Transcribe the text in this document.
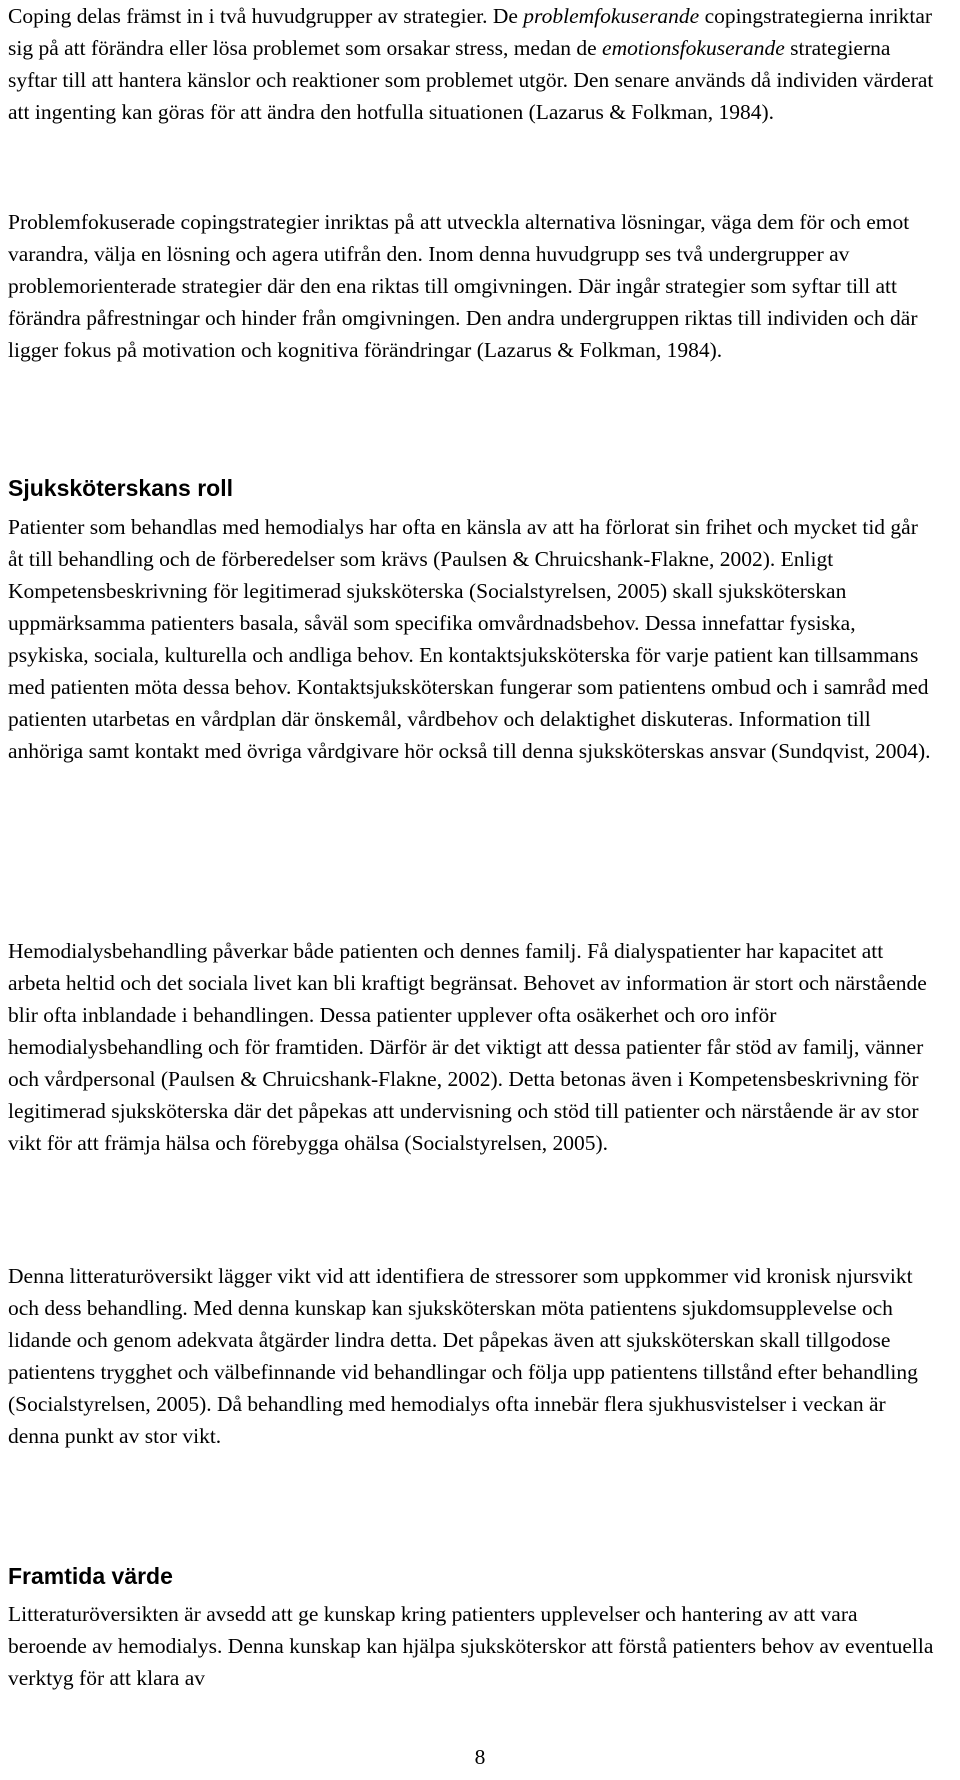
Coping delas främst in i två huvudgrupper av strategier. De problemfokuserande copingstrategierna inriktar sig på att förändra eller lösa problemet som orsakar stress, medan de emotionsfokuserande strategierna syftar till att hantera känslor och reaktioner som problemet utgör. Den senare används då individen värderat att ingenting kan göras för att ändra den hotfulla situationen (Lazarus & Folkman, 1984).

Problemfokuserade copingstrategier inriktas på att utveckla alternativa lösningar, väga dem för och emot varandra, välja en lösning och agera utifrån den. Inom denna huvudgrupp ses två undergrupper av problemorienterade strategier där den ena riktas till omgivningen. Där ingår strategier som syftar till att förändra påfrestningar och hinder från omgivningen. Den andra undergruppen riktas till individen och där ligger fokus på motivation och kognitiva förändringar (Lazarus & Folkman, 1984).

Sjuksköterskans roll

Patienter som behandlas med hemodialys har ofta en känsla av att ha förlorat sin frihet och mycket tid går åt till behandling och de förberedelser som krävs (Paulsen & Chruicshank-Flakne, 2002). Enligt Kompetensbeskrivning för legitimerad sjuksköterska (Socialstyrelsen, 2005) skall sjuksköterskan uppmärksamma patienters basala, såväl som specifika omvårdnadsbehov. Dessa innefattar fysiska, psykiska, sociala, kulturella och andliga behov. En kontaktsjuksköterska för varje patient kan tillsammans med patienten möta dessa behov. Kontaktsjuksköterskan fungerar som patientens ombud och i samråd med patienten utarbetas en vårdplan där önskemål, vårdbehov och delaktighet diskuteras. Information till anhöriga samt kontakt med övriga vårdgivare hör också till denna sjuksköterskas ansvar (Sundqvist, 2004).

Hemodialysbehandling påverkar både patienten och dennes familj. Få dialyspatienter har kapacitet att arbeta heltid och det sociala livet kan bli kraftigt begränsat. Behovet av information är stort och närstående blir ofta inblandade i behandlingen. Dessa patienter upplever ofta osäkerhet och oro inför hemodialysbehandling och för framtiden. Därför är det viktigt att dessa patienter får stöd av familj, vänner och vårdpersonal (Paulsen & Chruicshank-Flakne, 2002). Detta betonas även i Kompetensbeskrivning för legitimerad sjuksköterska där det påpekas att undervisning och stöd till patienter och närstående är av stor vikt för att främja hälsa och förebygga ohälsa (Socialstyrelsen, 2005).

Denna litteraturöversikt lägger vikt vid att identifiera de stressorer som uppkommer vid kronisk njursvikt och dess behandling. Med denna kunskap kan sjuksköterskan möta patientens sjukdomsupplevelse och lidande och genom adekvata åtgärder lindra detta. Det påpekas även att sjuksköterskan skall tillgodose patientens trygghet och välbefinnande vid behandlingar och följa upp patientens tillstånd efter behandling (Socialstyrelsen, 2005). Då behandling med hemodialys ofta innebär flera sjukhusvistelser i veckan är denna punkt av stor vikt.

Framtida värde

Litteraturöversikten är avsedd att ge kunskap kring patienters upplevelser och hantering av att vara beroende av hemodialys. Denna kunskap kan hjälpa sjuksköterskor att förstå patienters behov av eventuella verktyg för att klara av

8
